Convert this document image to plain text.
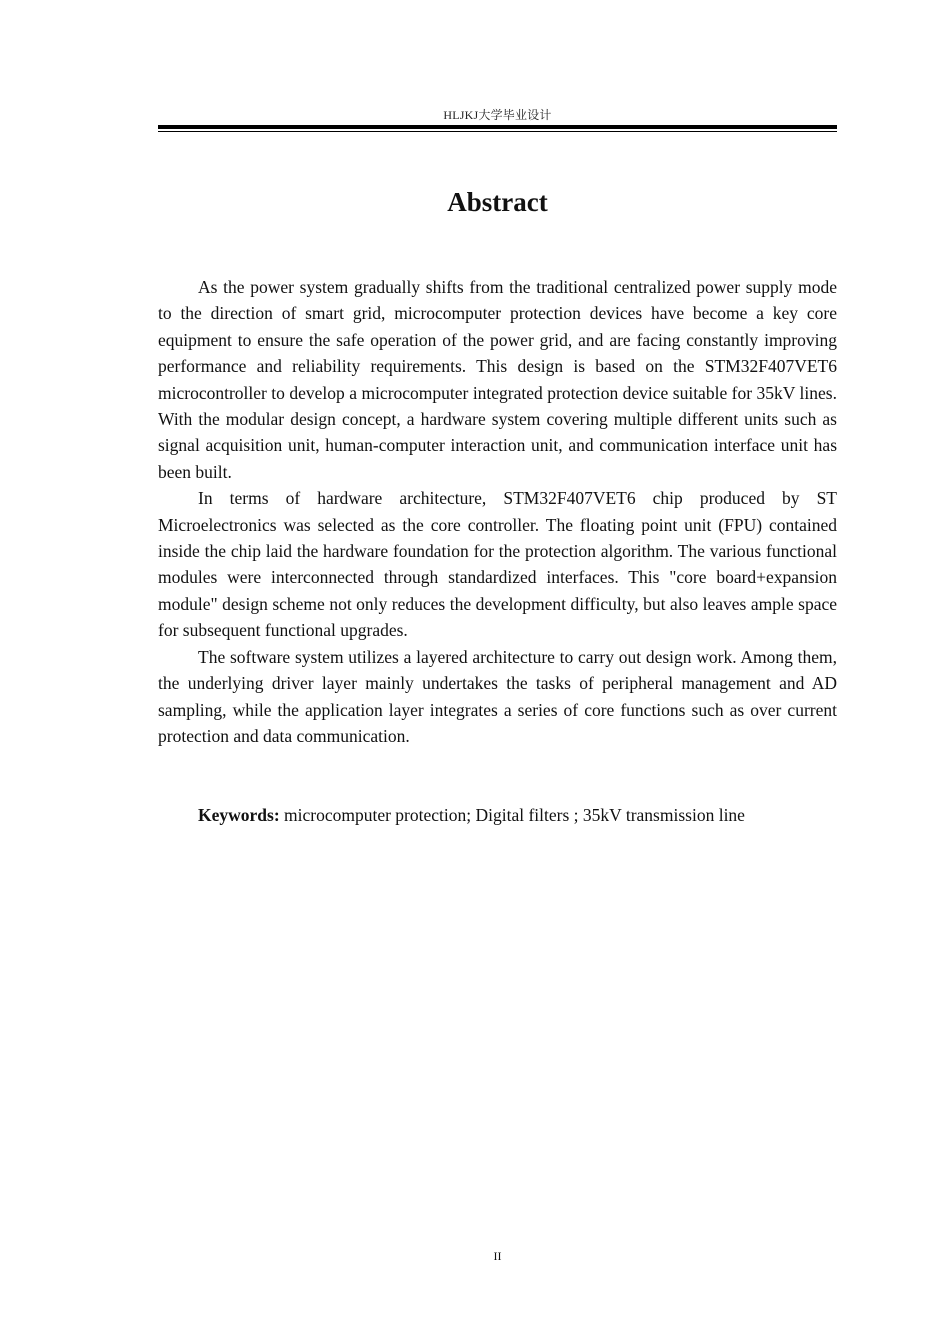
HLJKJ大学毕业设计
Abstract

As the power system gradually shifts from the traditional centralized power supply mode to the direction of smart grid, microcomputer protection devices have become a key core equipment to ensure the safe operation of the power grid, and are facing constantly improving performance and reliability requirements. This design is based on the STM32F407VET6 microcontroller to develop a microcomputer integrated protection device suitable for 35kV lines. With the modular design concept, a hardware system covering multiple different units such as signal acquisition unit, human-computer interaction unit, and communication interface unit has been built.

In terms of hardware architecture, STM32F407VET6 chip produced by ST Microelectronics was selected as the core controller. The floating point unit (FPU) contained inside the chip laid the hardware foundation for the protection algorithm. The various functional modules were interconnected through standardized interfaces. This "core board+expansion module" design scheme not only reduces the development difficulty, but also leaves ample space for subsequent functional upgrades.

The software system utilizes a layered architecture to carry out design work. Among them, the underlying driver layer mainly undertakes the tasks of peripheral management and AD sampling, while the application layer integrates a series of core functions such as over current protection and data communication.

Keywords: microcomputer protection; Digital filters ; 35kV transmission line

II
